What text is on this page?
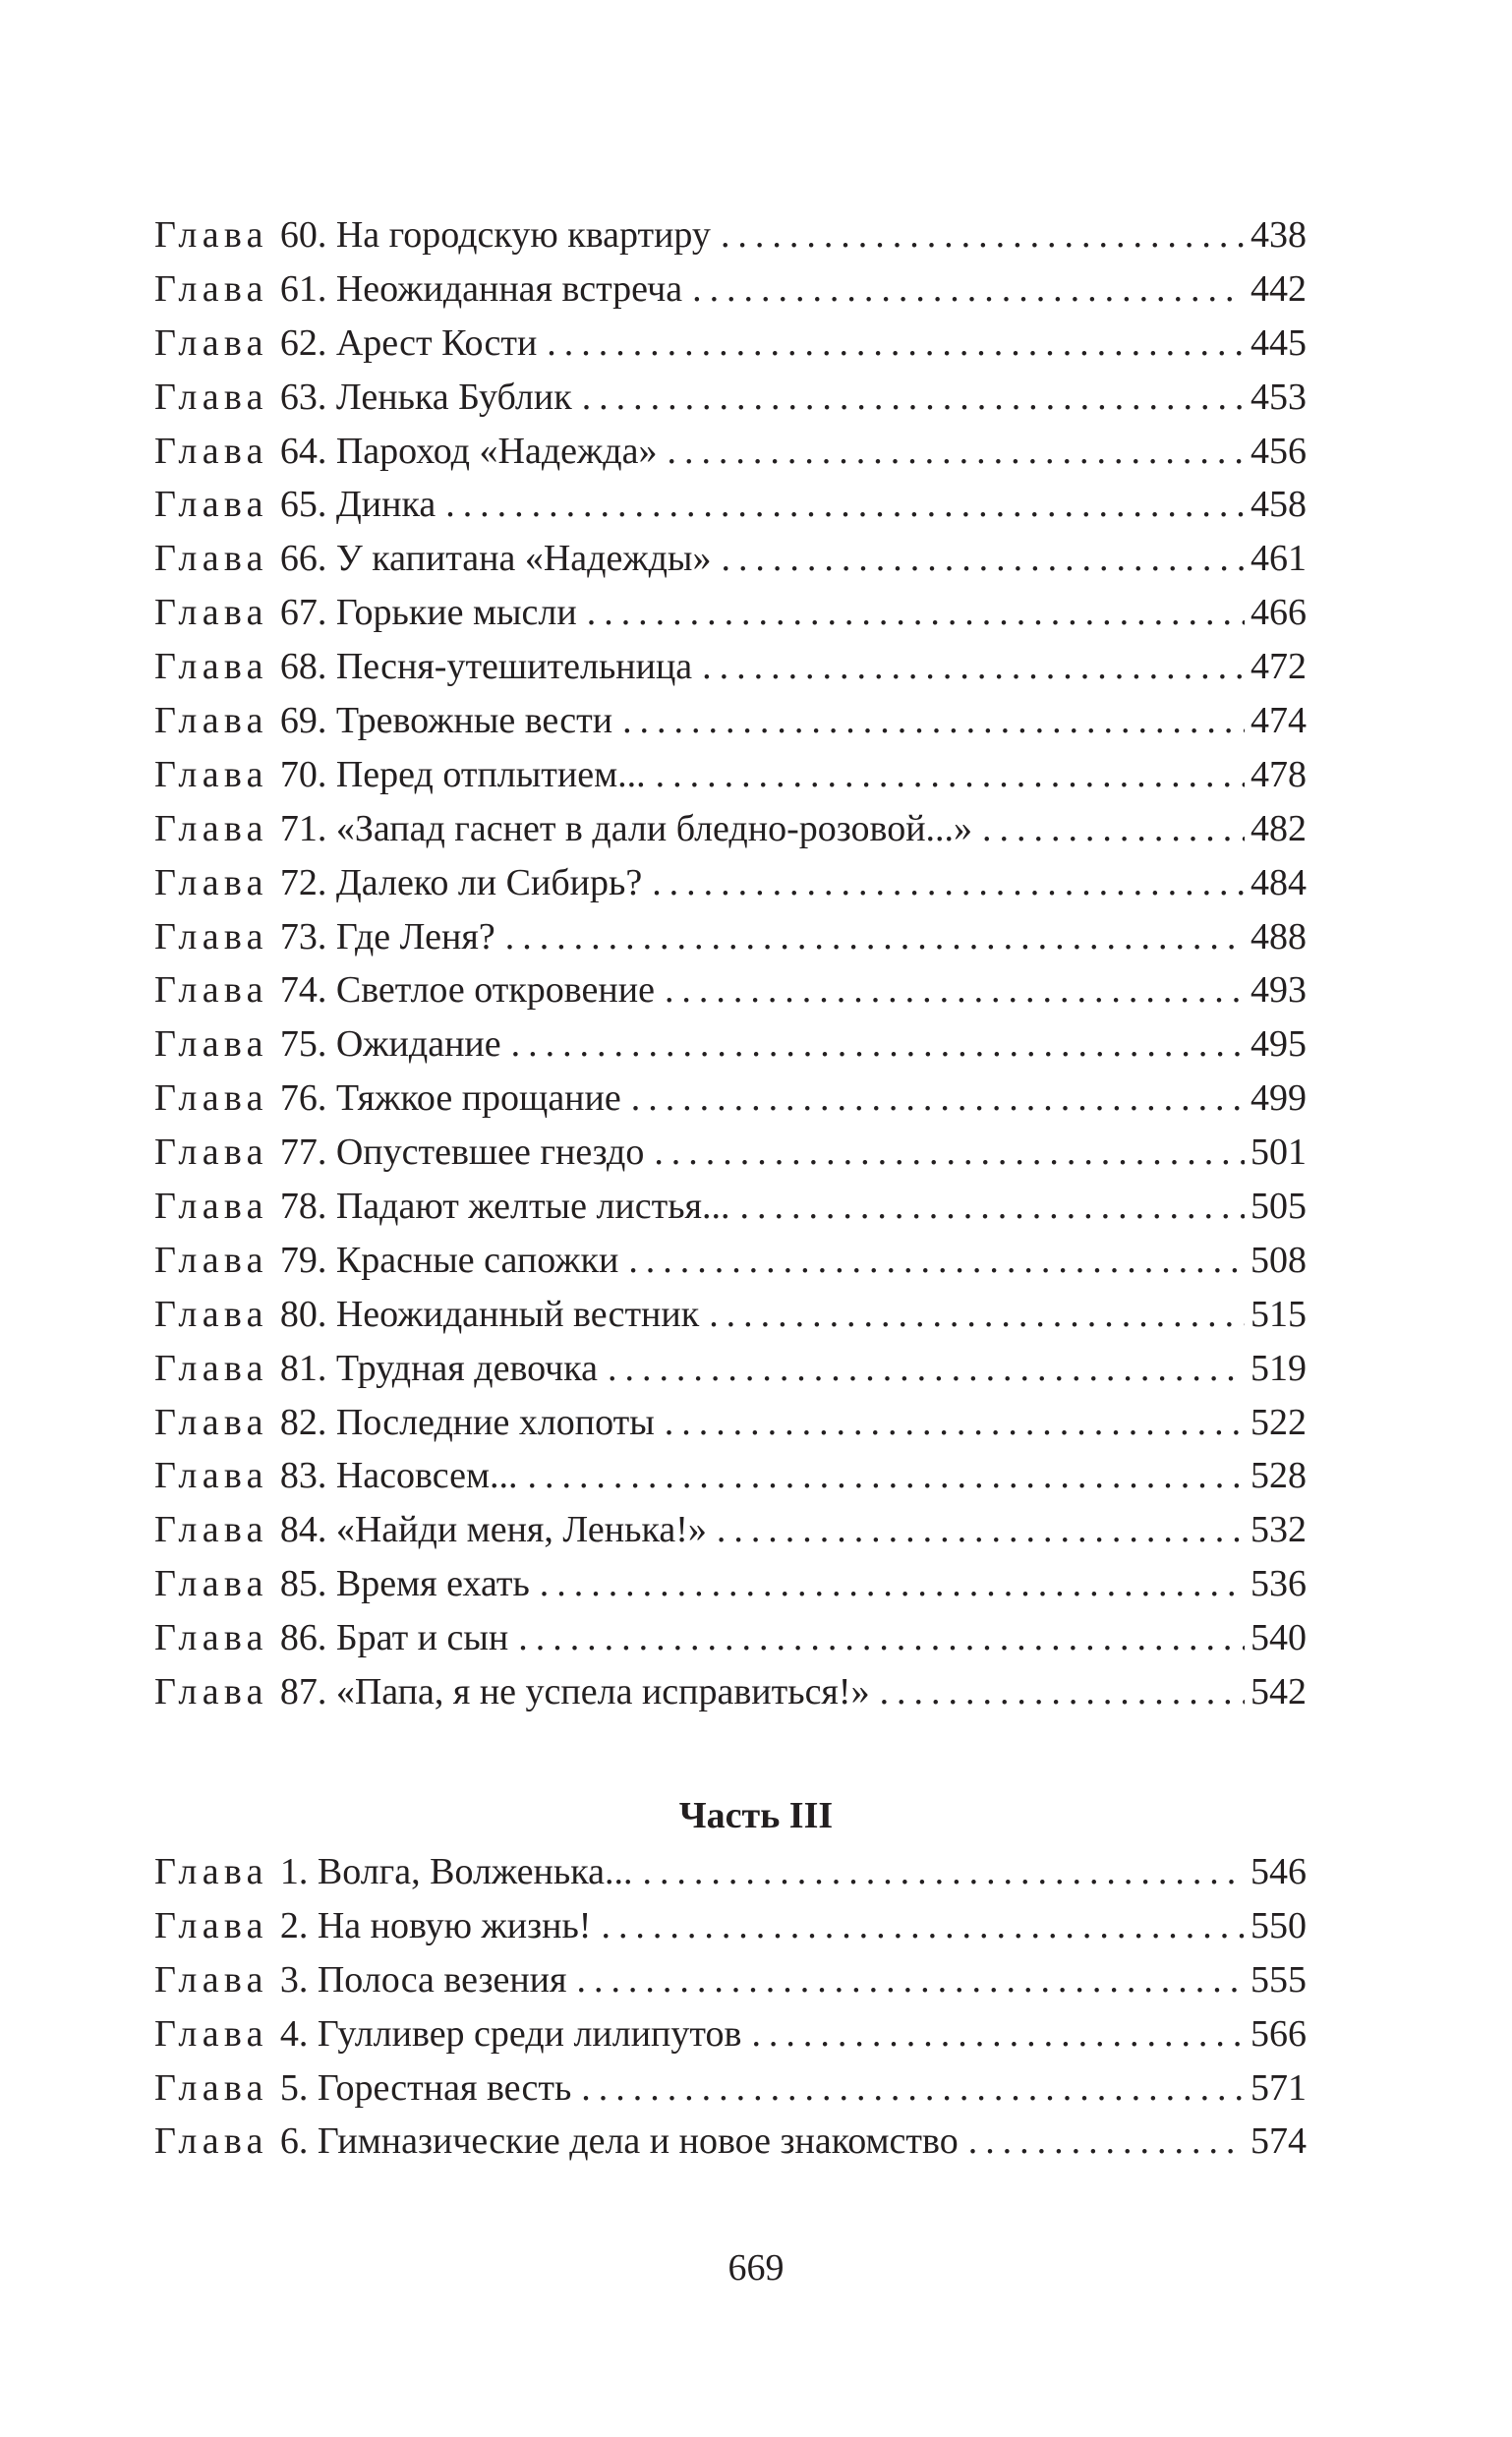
Глава 60. На городскую квартиру . . .	438
Глава 61. Неожиданная встреча . . .	442
Глава 62. Арест Кости . . .	445
Глава 63. Ленька Бублик . . .	453
Глава 64. Пароход «Надежда» . . .	456
Глава 65. Динка . . .	458
Глава 66. У капитана «Надежды» . . .	461
Глава 67. Горькие мысли . . .	466
Глава 68. Песня-утешительница . . .	472
Глава 69. Тревожные вести . . .	474
Глава 70. Перед отплытием... . . .	478
Глава 71. «Запад гаснет в дали бледно-розовой...» . . .	482
Глава 72. Далеко ли Сибирь? . . .	484
Глава 73. Где Леня? . . .	488
Глава 74. Светлое откровение . . .	493
Глава 75. Ожидание . . .	495
Глава 76. Тяжкое прощание . . .	499
Глава 77. Опустевшее гнездо . . .	501
Глава 78. Падают желтые листья... . . .	505
Глава 79. Красные сапожки . . .	508
Глава 80. Неожиданный вестник . . .	515
Глава 81. Трудная девочка . . .	519
Глава 82. Последние хлопоты . . .	522
Глава 83. Насовсем... . . .	528
Глава 84. «Найди меня, Ленька!» . . .	532
Глава 85. Время ехать . . .	536
Глава 86. Брат и сын . . .	540
Глава 87. «Папа, я не успела исправиться!» . . .	542
Часть III
Глава 1. Волга, Волженька... . . .	546
Глава 2. На новую жизнь! . . .	550
Глава 3. Полоса везения . . .	555
Глава 4. Гулливер среди лилипутов . . .	566
Глава 5. Горестная весть . . .	571
Глава 6. Гимназические дела и новое знакомство . . .	574
669
